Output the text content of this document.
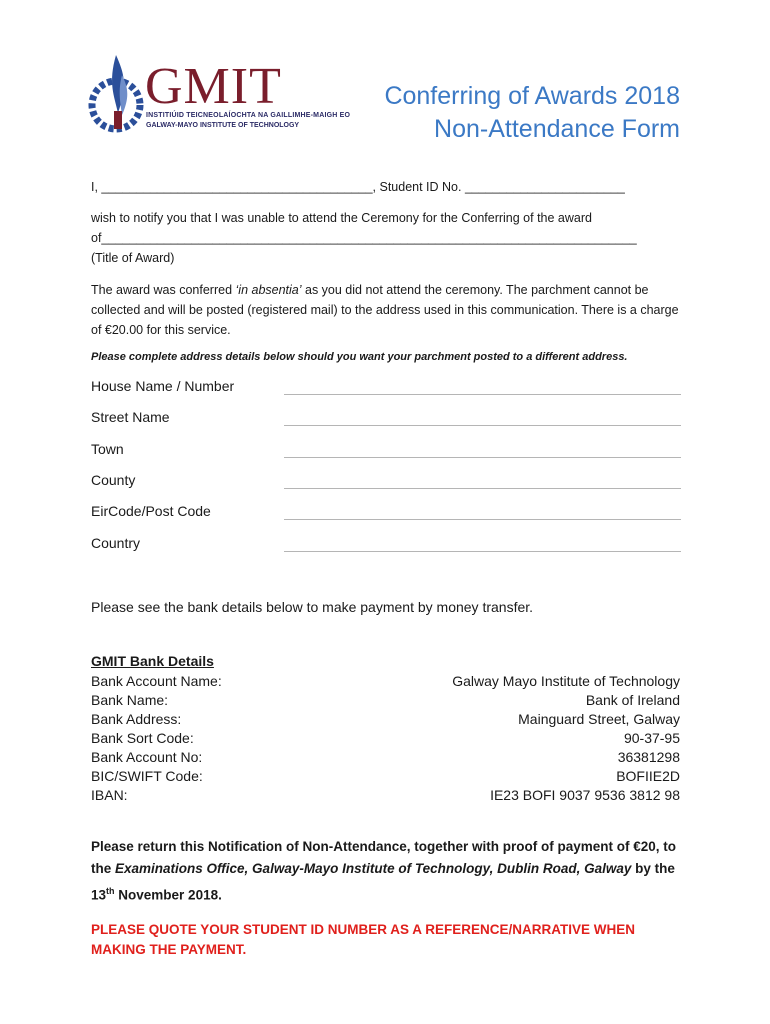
GMIT
INSTITIÚID TEICNEOLAÍOCHTA NA GAILLIMHE-MAIGH EO
GALWAY-MAYO INSTITUTE OF TECHNOLOGY
Conferring of Awards 2018
Non-Attendance Form
I, _______________________________________, Student ID No. _______________________
wish to notify you that I was unable to attend the Ceremony for the Conferring of the award
of_____________________________________________________________________________
(Title of Award)
The award was conferred ‘in absentia’ as you did not attend the ceremony. The parchment cannot be collected and will be posted (registered mail) to the address used in this communication. There is a charge of €20.00 for this service.
Please complete address details below should you want your parchment posted to a different address.
House Name / Number
Street Name
Town
County
EirCode/Post Code
Country
Please see the bank details below to make payment by money transfer.
GMIT Bank Details
Bank Account Name:	Galway Mayo Institute of Technology
Bank Name:	Bank of Ireland
Bank Address:	Mainguard Street, Galway
Bank Sort Code:	90-37-95
Bank Account No:	36381298
BIC/SWIFT Code:	BOFIIE2D
IBAN:	IE23 BOFI 9037 9536 3812 98
Please return this Notification of Non-Attendance, together with proof of payment of €20, to the Examinations Office, Galway-Mayo Institute of Technology, Dublin Road, Galway by the 13th November 2018.
PLEASE QUOTE YOUR STUDENT ID NUMBER AS A REFERENCE/NARRATIVE WHEN MAKING THE PAYMENT.
